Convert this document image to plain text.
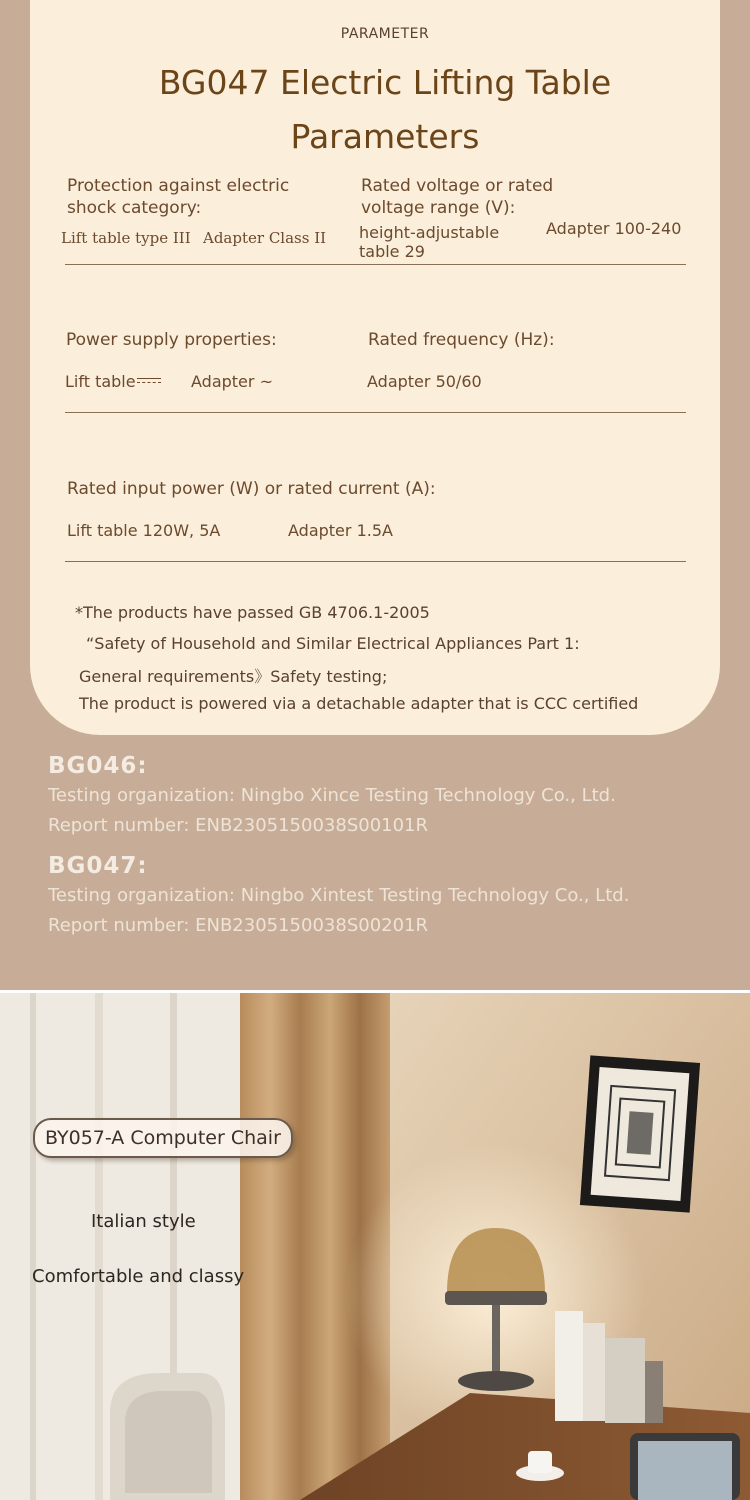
PARAMETER
BG047 Electric Lifting Table
Parameters
Protection against electric
shock category:
Lift table type III Adapter Class II
Rated voltage or rated
voltage range (V):
height-adjustable
table 29
Adapter 100-240
Power supply properties:
Lift table	Adapter ~
Rated frequency (Hz):
Adapter 50/60
Rated input power (W) or rated current (A):
Lift table 120W, 5A	Adapter 1.5A
*The products have passed GB 4706.1-2005
“Safety of Household and Similar Electrical Appliances Part 1:
General requirements》Safety testing;
The product is powered via a detachable adapter that is CCC certified
BG046:
Testing organization: Ningbo Xince Testing Technology Co., Ltd.
Report number: ENB2305150038S00101R
BG047:
Testing organization: Ningbo Xintest Testing Technology Co., Ltd.
Report number: ENB2305150038S00201R
BY057-A Computer Chair
Italian style
Comfortable and classy
